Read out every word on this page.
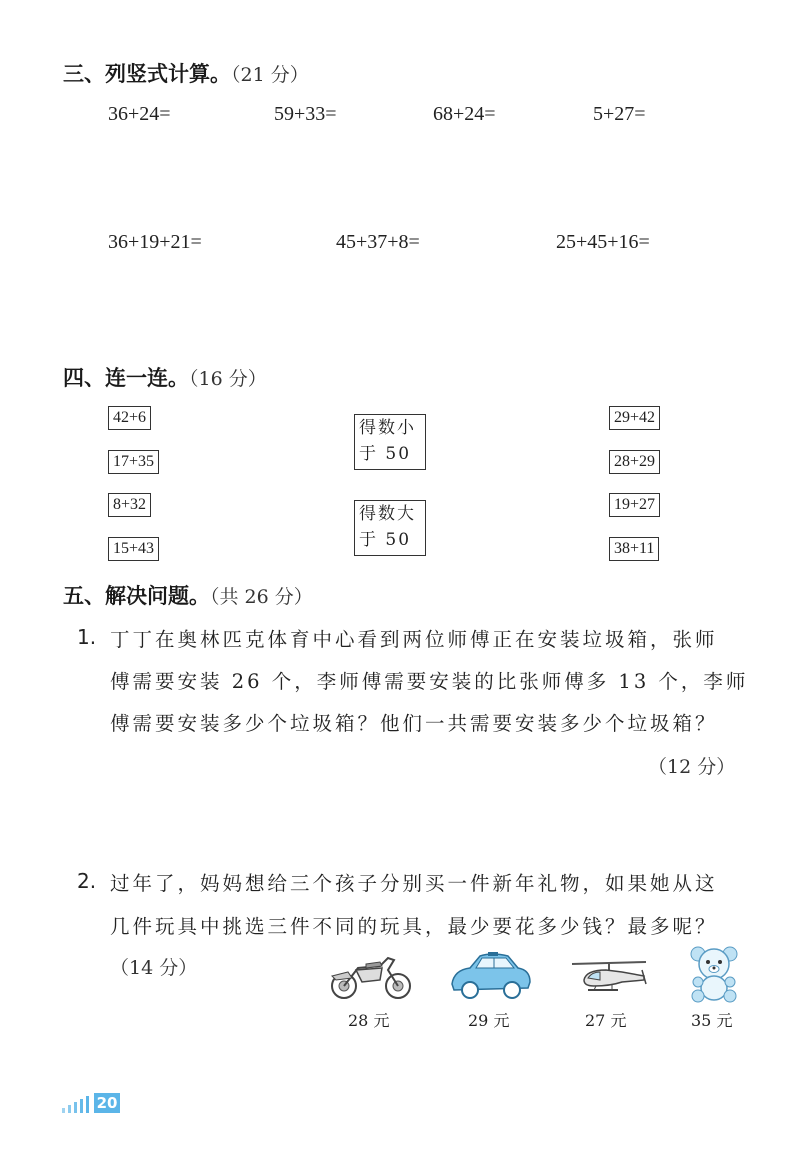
三、列竖式计算。（21 分）
36+24=	59+33=	68+24=	5+27=
36+19+21=	45+37+8=	25+45+16=
四、连一连。（16 分）
42+6
17+35
8+32
15+43
得数小
于 50
得数大
于 50
29+42
28+29
19+27
38+11
五、解决问题。（共 26 分）
1. 丁丁在奥林匹克体育中心看到两位师傅正在安装垃圾箱，张师
傅需要安装 26 个，李师傅需要安装的比张师傅多 13 个，李师
傅需要安装多少个垃圾箱？他们一共需要安装多少个垃圾箱？
（12 分）
2. 过年了，妈妈想给三个孩子分别买一件新年礼物，如果她从这
几件玩具中挑选三件不同的玩具，最少要花多少钱？最多呢？
（14 分）
28 元	29 元	27 元	35 元
20
